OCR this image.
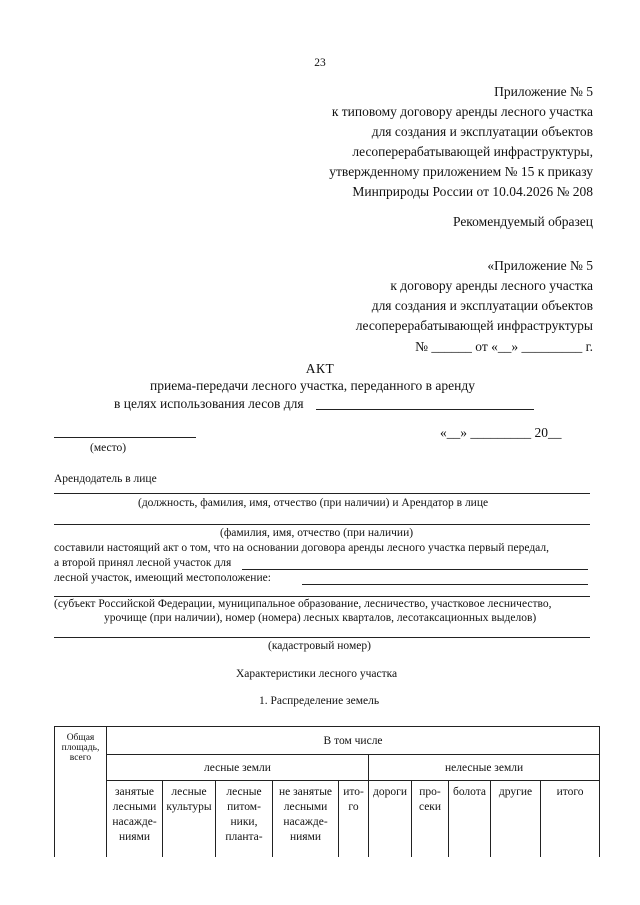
23
Приложение № 5
к типовому договору аренды лесного участка
для создания и эксплуатации объектов
лесоперерабатывающей инфраструктуры,
утвержденному приложением № 15 к приказу
Минприроды России от 10.04.2026 № 208
Рекомендуемый образец
«Приложение № 5
к договору аренды лесного участка
для создания и эксплуатации объектов
лесоперерабатывающей инфраструктуры
№ ______ от «__» _________ г.
АКТ
приема-передачи лесного участка, переданного в аренду
в целях использования лесов для
(место)
«__» _________ 20__
Арендодатель в лице
(должность, фамилия, имя, отчество (при наличии) и Арендатор в лице
(фамилия, имя, отчество (при наличии)
составили настоящий акт о том, что на основании договора аренды лесного участка первый передал,
а второй принял лесной участок для
лесной участок, имеющий местоположение:
(субъект Российской Федерации, муниципальное образование, лесничество, участковое лесничество,
урочище (при наличии), номер (номера) лесных кварталов, лесотаксационных выделов)
(кадастровый номер)
Характеристики лесного участка
1. Распределение земель
Общая площадь, всего	В том числе									
	лесные земли					нелесные земли				
	занятые лесными насажде-ниями	лесные культуры	лесные питом-ники, планта-	не занятые лесными насажде-ниями	ито-го	дороги	про-секи	болота	другие	итого
